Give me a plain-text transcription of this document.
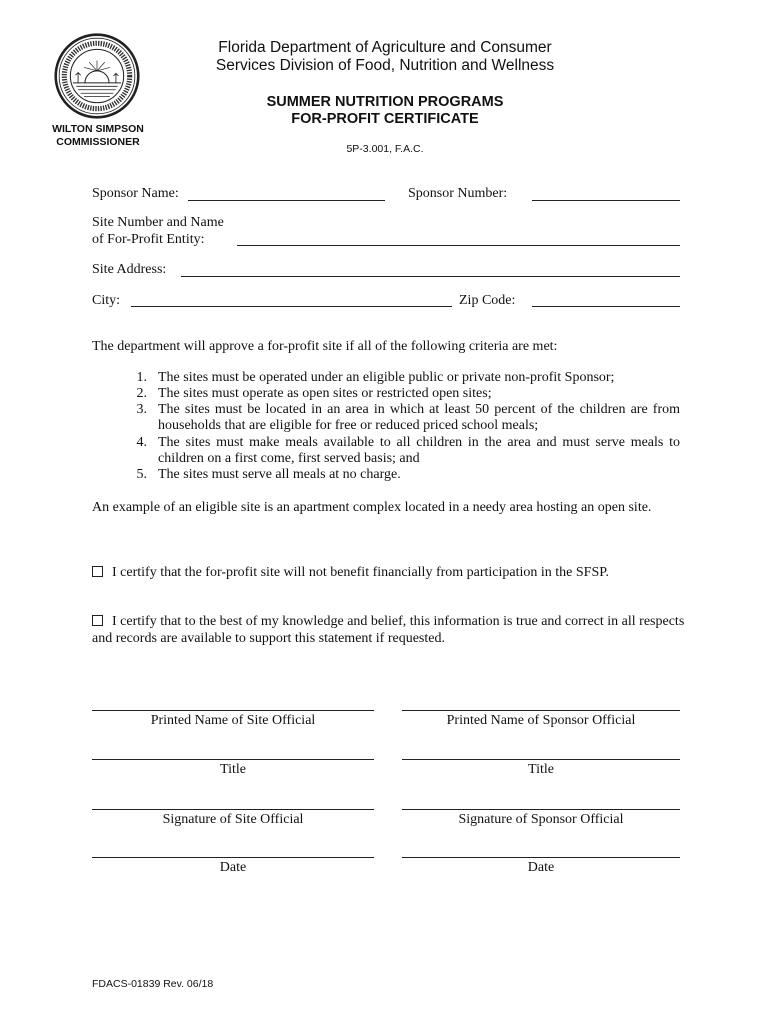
WILTON SIMPSON
COMMISSIONER
Florida Department of Agriculture and Consumer
Services Division of Food, Nutrition and Wellness
SUMMER NUTRITION PROGRAMS
FOR-PROFIT CERTIFICATE
5P-3.001, F.A.C.
Sponsor Name:	Sponsor Number:
Site Number and Name
of For-Profit Entity:
Site Address:
City:	Zip Code:
The department will approve a for-profit site if all of the following criteria are met:
1. The sites must be operated under an eligible public or private non-profit Sponsor;
2. The sites must operate as open sites or restricted open sites;
3. The sites must be located in an area in which at least 50 percent of the children are from
households that are eligible for free or reduced priced school meals;
4. The sites must make meals available to all children in the area and must serve meals to
children on a first come, first served basis; and
5. The sites must serve all meals at no charge.
An example of an eligible site is an apartment complex located in a needy area hosting an open site.
I certify that the for-profit site will not benefit financially from participation in the SFSP.
I certify that to the best of my knowledge and belief, this information is true and correct in all respects
and records are available to support this statement if requested.
Printed Name of Site Official
Title
Signature of Site Official
Date
Printed Name of Sponsor Official
Title
Signature of Sponsor Official
Date
FDACS-01839 Rev. 06/18
